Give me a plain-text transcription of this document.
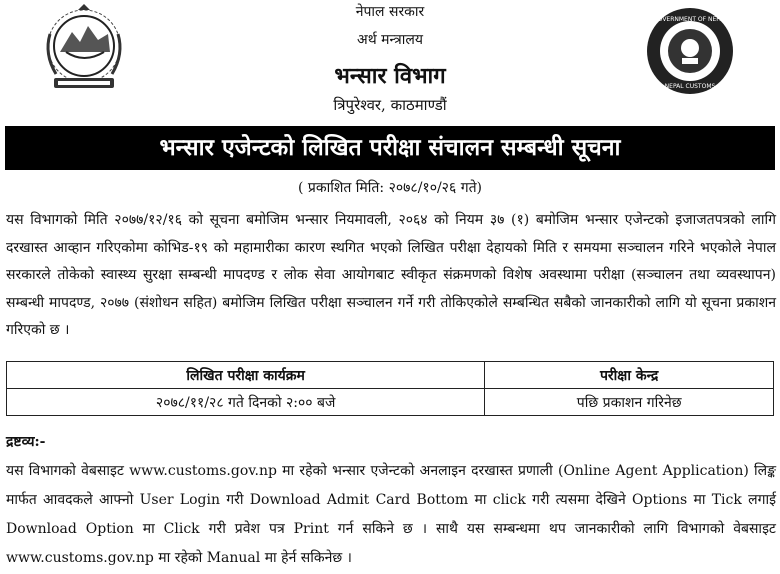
नेपाल सरकार
अर्थ मन्त्रालय
भन्सार विभाग
त्रिपुरेश्वर, काठमाण्डौं
GOVERNMENT OF NEPAL
NEPAL CUSTOMS
भन्सार एजेन्टको लिखित परीक्षा संचालन सम्बन्धी सूचना
( प्रकाशित मिति: २०७८/१०/२६ गते)
यस विभागको मिति २०७७/१२/१६ को सूचना बमोजिम भन्सार नियमावली, २०६४ को नियम ३७ (१) बमोजिम भन्सार एजेन्टको इजाजतपत्रको लागि दरखास्त आव्हान गरिएकोमा कोभिड-१९ को महामारीका कारण स्थगित भएको लिखित परीक्षा देहायको मिति र समयमा सञ्चालन गरिने भएकोले नेपाल सरकारले तोकेको स्वास्थ्य सुरक्षा सम्बन्धी मापदण्ड र लोक सेवा आयोगबाट स्वीकृत संक्रमणको विशेष अवस्थामा परीक्षा (सञ्चालन तथा व्यवस्थापन) सम्बन्धी मापदण्ड, २०७७ (संशोधन सहित) बमोजिम लिखित परीक्षा सञ्चालन गर्ने गरी तोकिएकोले सम्बन्धित सबैको जानकारीको लागि यो सूचना प्रकाशन गरिएको छ ।
लिखित परीक्षा कार्यक्रम	परीक्षा केन्द्र
२०७८/११/२८ गते दिनको २:०० बजे	पछि प्रकाशन गरिनेछ
द्रष्टव्य:-
यस विभागको वेबसाइट www.customs.gov.np मा रहेको भन्सार एजेन्टको अनलाइन दरखास्त प्रणाली (Online Agent Application) लिङ्क मार्फत आवदकले आफ्नो User Login गरी Download Admit Card Bottom मा click गरी त्यसमा देखिने Options मा Tick लगाई Download Option मा Click गरी प्रवेश पत्र Print गर्न सकिने छ । साथै यस सम्बन्धमा थप जानकारीको लागि विभागको वेबसाइट www.customs.gov.np मा रहेको Manual मा हेर्न सकिनेछ ।
